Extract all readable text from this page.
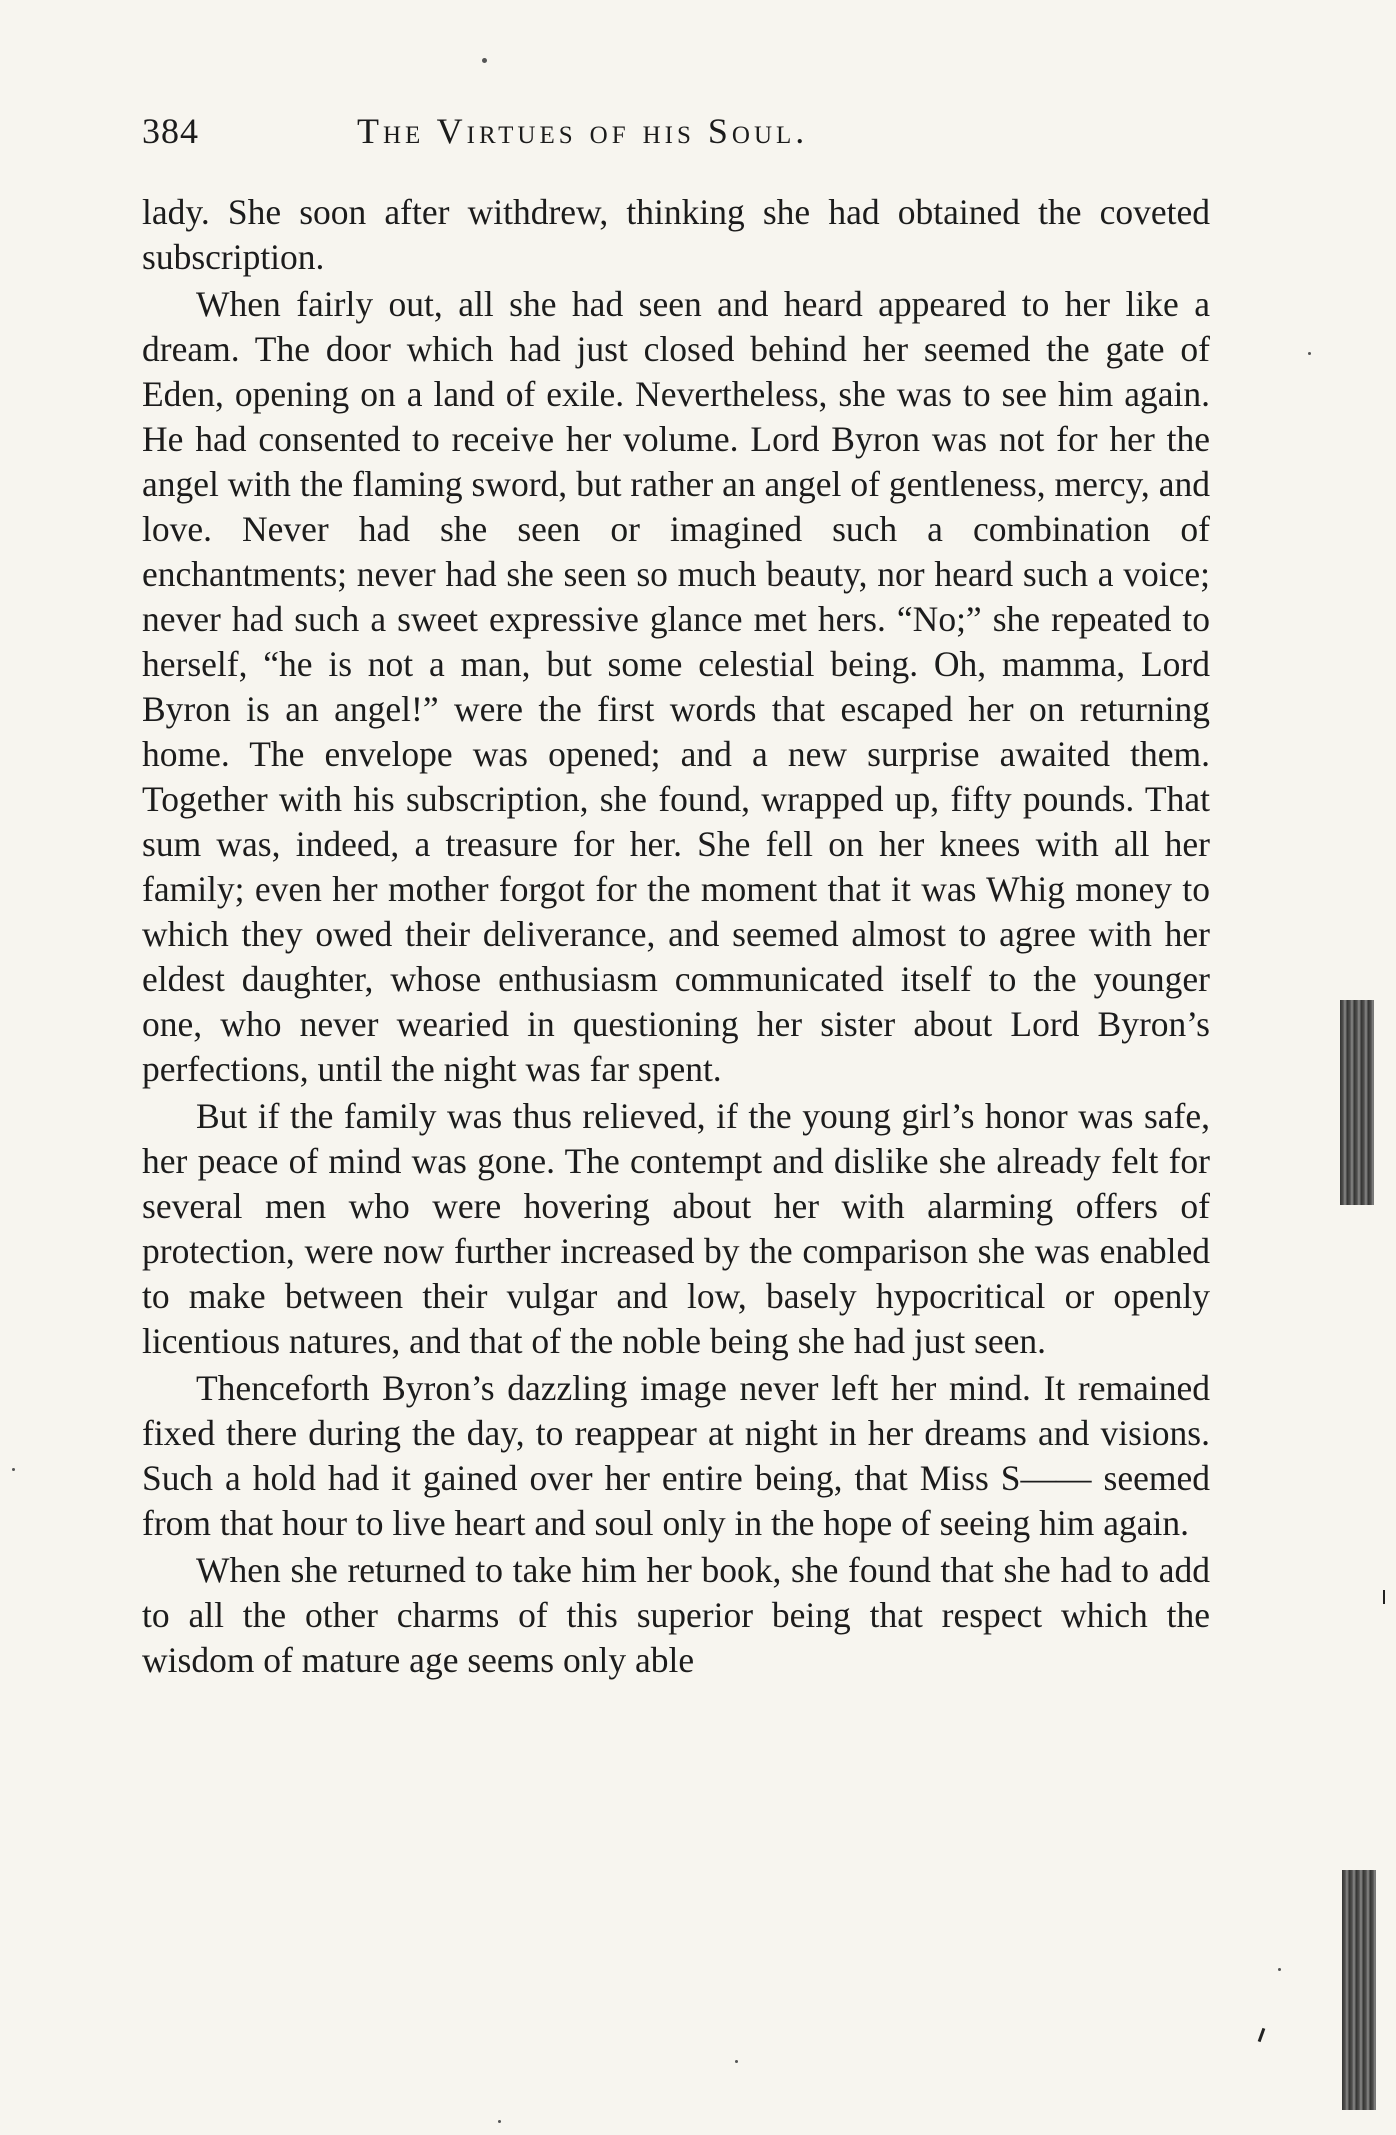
384	The Virtues of his Soul.

lady. She soon after withdrew, thinking she had obtained the coveted subscription.

When fairly out, all she had seen and heard appeared to her like a dream. The door which had just closed behind her seemed the gate of Eden, opening on a land of exile. Nevertheless, she was to see him again. He had consented to receive her volume. Lord Byron was not for her the angel with the flaming sword, but rather an angel of gentleness, mercy, and love. Never had she seen or imagined such a combination of enchantments; never had she seen so much beauty, nor heard such a voice; never had such a sweet expressive glance met hers. “No;” she repeated to herself, “he is not a man, but some celestial being. Oh, mamma, Lord Byron is an angel!” were the first words that escaped her on returning home. The envelope was opened; and a new surprise awaited them. Together with his subscription, she found, wrapped up, fifty pounds. That sum was, indeed, a treasure for her. She fell on her knees with all her family; even her mother forgot for the moment that it was Whig money to which they owed their deliverance, and seemed almost to agree with her eldest daughter, whose enthusiasm communicated itself to the younger one, who never wearied in questioning her sister about Lord Byron’s perfections, until the night was far spent.

But if the family was thus relieved, if the young girl’s honor was safe, her peace of mind was gone. The contempt and dislike she already felt for several men who were hovering about her with alarming offers of protection, were now further increased by the comparison she was enabled to make between their vulgar and low, basely hypocritical or openly licentious natures, and that of the noble being she had just seen.

Thenceforth Byron’s dazzling image never left her mind. It remained fixed there during the day, to reappear at night in her dreams and visions. Such a hold had it gained over her entire being, that Miss S—— seemed from that hour to live heart and soul only in the hope of seeing him again.

When she returned to take him her book, she found that she had to add to all the other charms of this superior being that respect which the wisdom of mature age seems only able
